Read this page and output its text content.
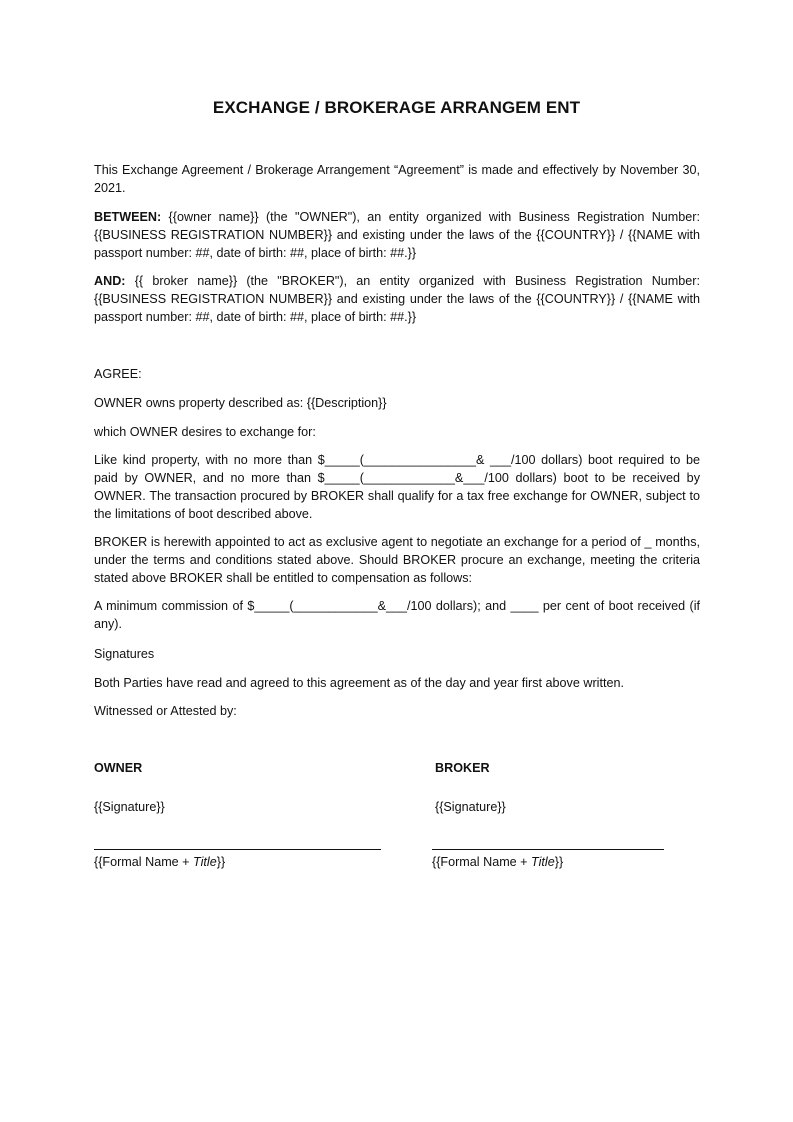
EXCHANGE / BROKERAGE ARRANGEM ENT

This Exchange Agreement / Brokerage Arrangement “Agreement” is made and effectively by November 30, 2021.

BETWEEN: {{owner name}} (the "OWNER"), an entity organized with Business Registration Number: {{BUSINESS REGISTRATION NUMBER}} and existing under the laws of the {{COUNTRY}} / {{NAME with passport number: ##, date of birth: ##, place of birth: ##.}}

AND: {{ broker name}} (the "BROKER"), an entity organized with Business Registration Number: {{BUSINESS REGISTRATION NUMBER}} and existing under the laws of the {{COUNTRY}} / {{NAME with passport number: ##, date of birth: ##, place of birth: ##.}}

AGREE:

OWNER owns property described as: {{Description}}

which OWNER desires to exchange for:

Like kind property, with no more than $_____(________________& ___/100 dollars) boot required to be paid by OWNER, and no more than $_____(_____________&___/100 dollars) boot to be received by OWNER. The transaction procured by BROKER shall qualify for a tax free exchange for OWNER, subject to the limitations of boot described above.

BROKER is herewith appointed to act as exclusive agent to negotiate an exchange for a period of _ months, under the terms and conditions stated above. Should BROKER procure an exchange, meeting the criteria stated above BROKER shall be entitled to compensation as follows:

A minimum commission of $_____(____________&___/100 dollars); and ____ per cent of boot received (if any).

Signatures

Both Parties have read and agreed to this agreement as of the day and year first above written.

Witnessed or Attested by:

OWNER
{{Signature}}
{{Formal Name + Title}}
BROKER
{{Signature}}
{{Formal Name + Title}}
